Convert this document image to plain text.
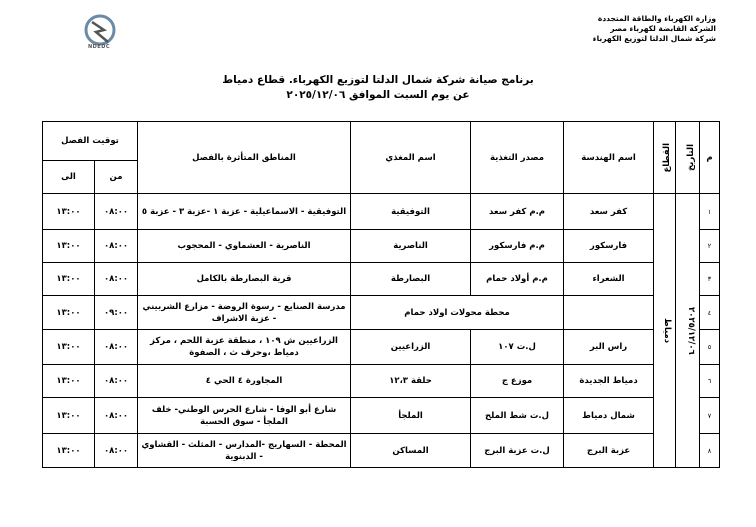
وزارة الكهرباء والطاقة المتجددة
الشركة القابضة لكهرباء مصر
شركة شمال الدلتا لتوزيع الكهرباء
NDEDC
برنامج صيانة شركة شمال الدلتا لتوزيع الكهرباء. قطاع دمياط
عن يوم السبت الموافق ٢٠٢٥/١٢/٠٦
م	التاريخ	القطاع	اسم الهندسة	مصدر التغذية	اسم المغذي	المناطق المتأثرة بالفصل	توقيت الفصل	
							من	الى
١	٢٠٢٥/١٢/٠٦	دمياط	كفر سعد	م.م كفر سعد	التوفيقية	التوفيقية - الاسماعيلية - عزبة ١ -عزبة ٣ - عزبة ٥	٠٨:٠٠	١٣:٠٠
٢			فارسكور	م.م فارسكور	الناصرية	الناصرية - العشماوي - المحجوب	٠٨:٠٠	١٣:٠٠
٣			الشعراء	م.م أولاد حمام	البصارطة	قرية البصارطة بالكامل	٠٨:٠٠	١٣:٠٠
٤				محطة محولات اولاد حمام		مدرسة الصنايع - رسوة الروضة - مزارع الشربيني - عزبة الاشراف	٠٩:٠٠	١٣:٠٠
٥			راس البر	ل.ت ١٠٧	الزراعيين	الزراعيين ش ١٠٩ ، منطقة عزبة اللحم ، مركز دمياط ،وحرف ث ، الصفوة	٠٨:٠٠	١٣:٠٠
٦			دمياط الجديدة	موزع ج	حلقة ١٢،٣	المجاورة ٤ الحي ٤	٠٨:٠٠	١٣:٠٠
٧			شمال دمياط	ل.ت شط الملح	الملجأ	شارع أبو الوفا - شارع الحرس الوطني- خلف الملجأ - سوق الحسبة	٠٨:٠٠	١٣:٠٠
٨			عزبة البرج	ل.ت عزبة البرج	المساكن	المحطة - السهاريج -المدارس - المثلث - القشاوي - الدبنوية	٠٨:٠٠	١٣:٠٠
